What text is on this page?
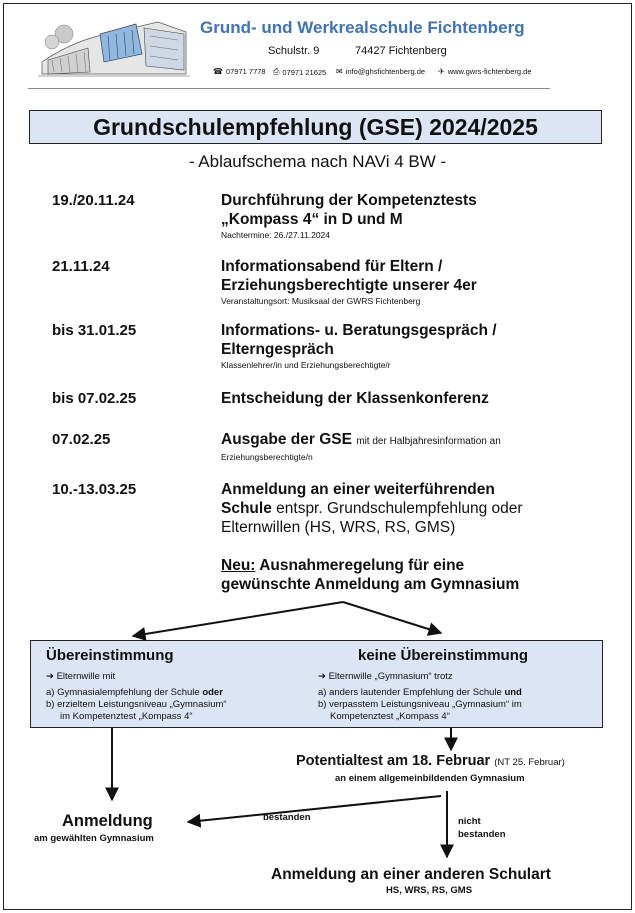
Grund- und Werkrealschule Fichtenberg
Schulstr. 9	74427 Fichtenberg
☎ 07971 7778 ⎙ 07971 21625 ✉ info@ghsfichtenberg.de ✈ www.gwrs-fichtenberg.de
Grundschulempfehlung (GSE) 2024/2025
- Ablaufschema nach NAVi 4 BW -
19./20.11.24	Durchführung der Kompetenztests
„Kompass 4“ in D und M
Nachtermine: 26./27.11.2024
21.11.24	Informationsabend für Eltern /
Erziehungsberechtigte unserer 4er
Veranstaltungsort: Musiksaal der GWRS Fichtenberg
bis 31.01.25	Informations- u. Beratungsgespräch /
Elterngespräch
Klassenlehrer/in und Erziehungsberechtigte/r
bis 07.02.25	Entscheidung der Klassenkonferenz
07.02.25	Ausgabe der GSE mit der Halbjahresinformation an
Erziehungsberechtigte/n
10.-13.03.25	Anmeldung an einer weiterführenden
Schule entspr. Grundschulempfehlung oder
Elternwillen (HS, WRS, RS, GMS)
Neu: Ausnahmeregelung für eine
gewünschte Anmeldung am Gymnasium
Übereinstimmung
➔ Elternwille mit
a) Gymnasialempfehlung der Schule oder
b) erzieltem Leistungsniveau „Gymnasium“
im Kompetenztest „Kompass 4“
keine Übereinstimmung
➔ Elternwille „Gymnasium“ trotz
a) anders lautender Empfehlung der Schule und
b) verpasstem Leistungsniveau „Gymnasium“ im
Kompetenztest „Kompass 4“
Potentialtest am 18. Februar (NT 25. Februar)
an einem allgemeinbildenden Gymnasium
Anmeldung
am gewählten Gymnasium
bestanden	nicht
bestanden
Anmeldung an einer anderen Schulart
HS, WRS, RS, GMS
